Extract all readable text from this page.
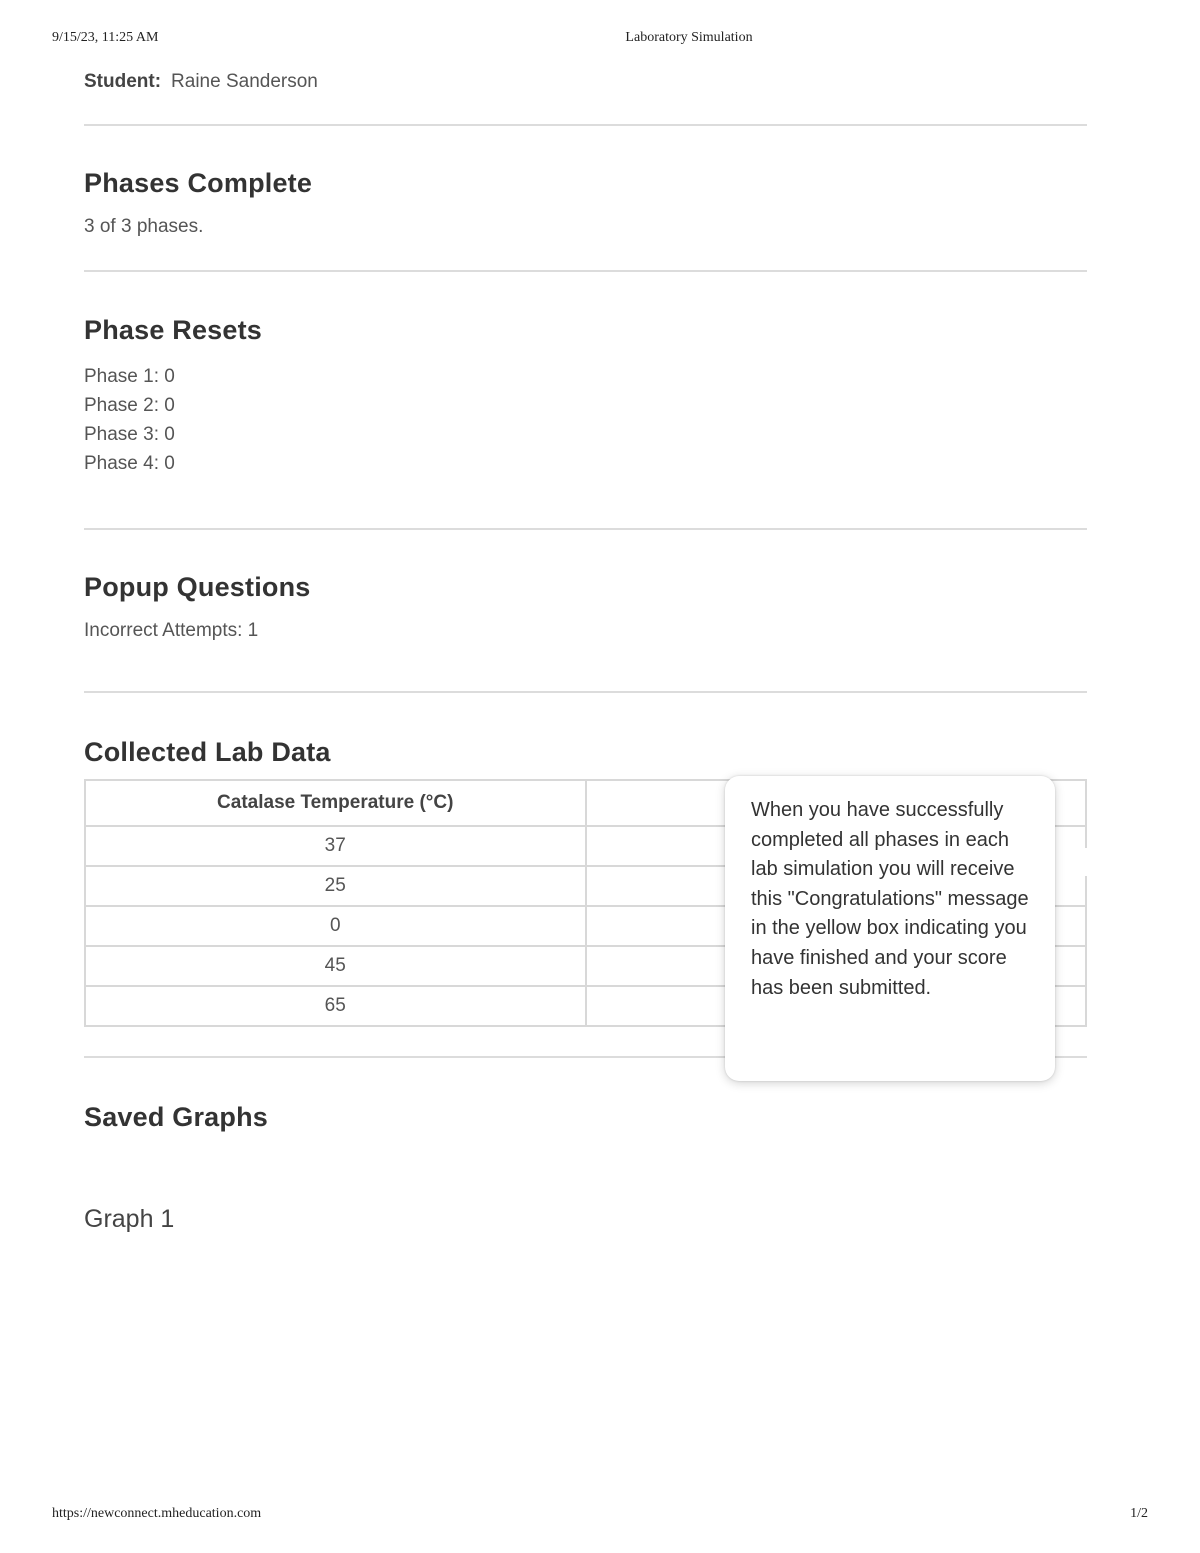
9/15/23, 11:25 AM	Laboratory Simulation
Student: Raine Sanderson
Phases Complete
3 of 3 phases.
Phase Resets
Phase 1: 0
Phase 2: 0
Phase 3: 0
Phase 4: 0
Popup Questions
Incorrect Attempts: 1
Collected Lab Data
Catalase Temperature (°C)	
37	
25	
0	
45	
65	
Saved Graphs
Graph 1
When you have successfully completed all phases in each lab simulation you will receive this "Congratulations" message in the yellow box indicating you have finished and your score has been submitted.
https://newconnect.mheducation.com	1/2
